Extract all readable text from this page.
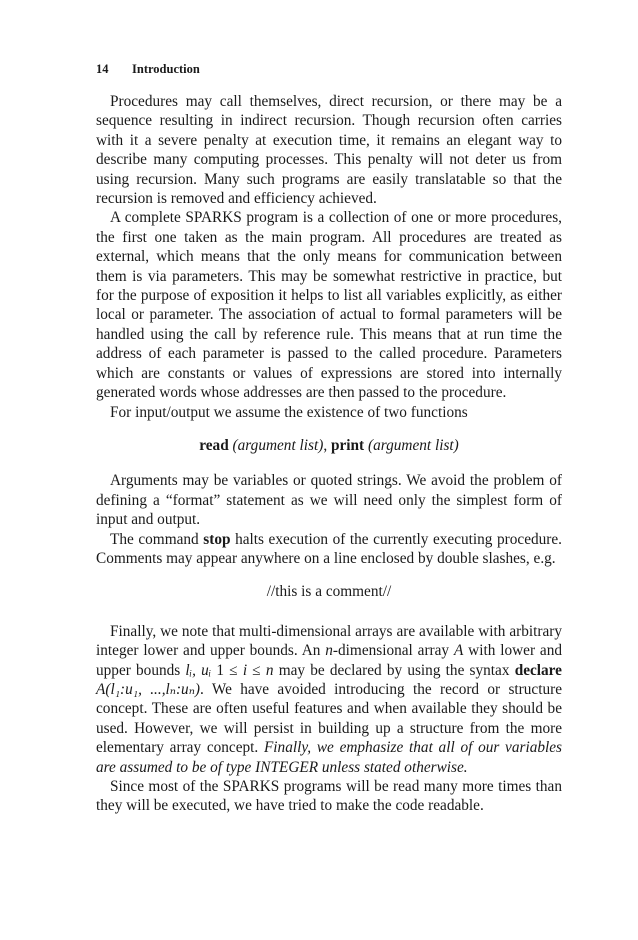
14 Introduction

Procedures may call themselves, direct recursion, or there may be a sequence resulting in indirect recursion. Though recursion often carries with it a severe penalty at execution time, it remains an elegant way to describe many computing processes. This penalty will not deter us from using recursion. Many such programs are easily translatable so that the recursion is removed and efficiency achieved.

A complete SPARKS program is a collection of one or more procedures, the first one taken as the main program. All procedures are treated as external, which means that the only means for communication between them is via parameters. This may be somewhat restrictive in practice, but for the purpose of exposition it helps to list all variables explicitly, as either local or parameter. The association of actual to formal parameters will be handled using the call by reference rule. This means that at run time the address of each parameter is passed to the called procedure. Parameters which are constants or values of expressions are stored into internally generated words whose addresses are then passed to the procedure.

For input/output we assume the existence of two functions

read (argument list), print (argument list)

Arguments may be variables or quoted strings. We avoid the problem of defining a “format” statement as we will need only the simplest form of input and output.

The command stop halts execution of the currently executing procedure. Comments may appear anywhere on a line enclosed by double slashes, e.g.

//this is a comment//

Finally, we note that multi-dimensional arrays are available with arbitrary integer lower and upper bounds. An n-dimensional array A with lower and upper bounds lᵢ, uᵢ 1 ≤ i ≤ n may be declared by using the syntax declare A(l₁:u₁, ...,lₙ:uₙ). We have avoided introducing the record or structure concept. These are often useful features and when available they should be used. However, we will persist in building up a structure from the more elementary array concept. Finally, we emphasize that all of our variables are assumed to be of type INTEGER unless stated otherwise.

Since most of the SPARKS programs will be read many more times than they will be executed, we have tried to make the code readable.
